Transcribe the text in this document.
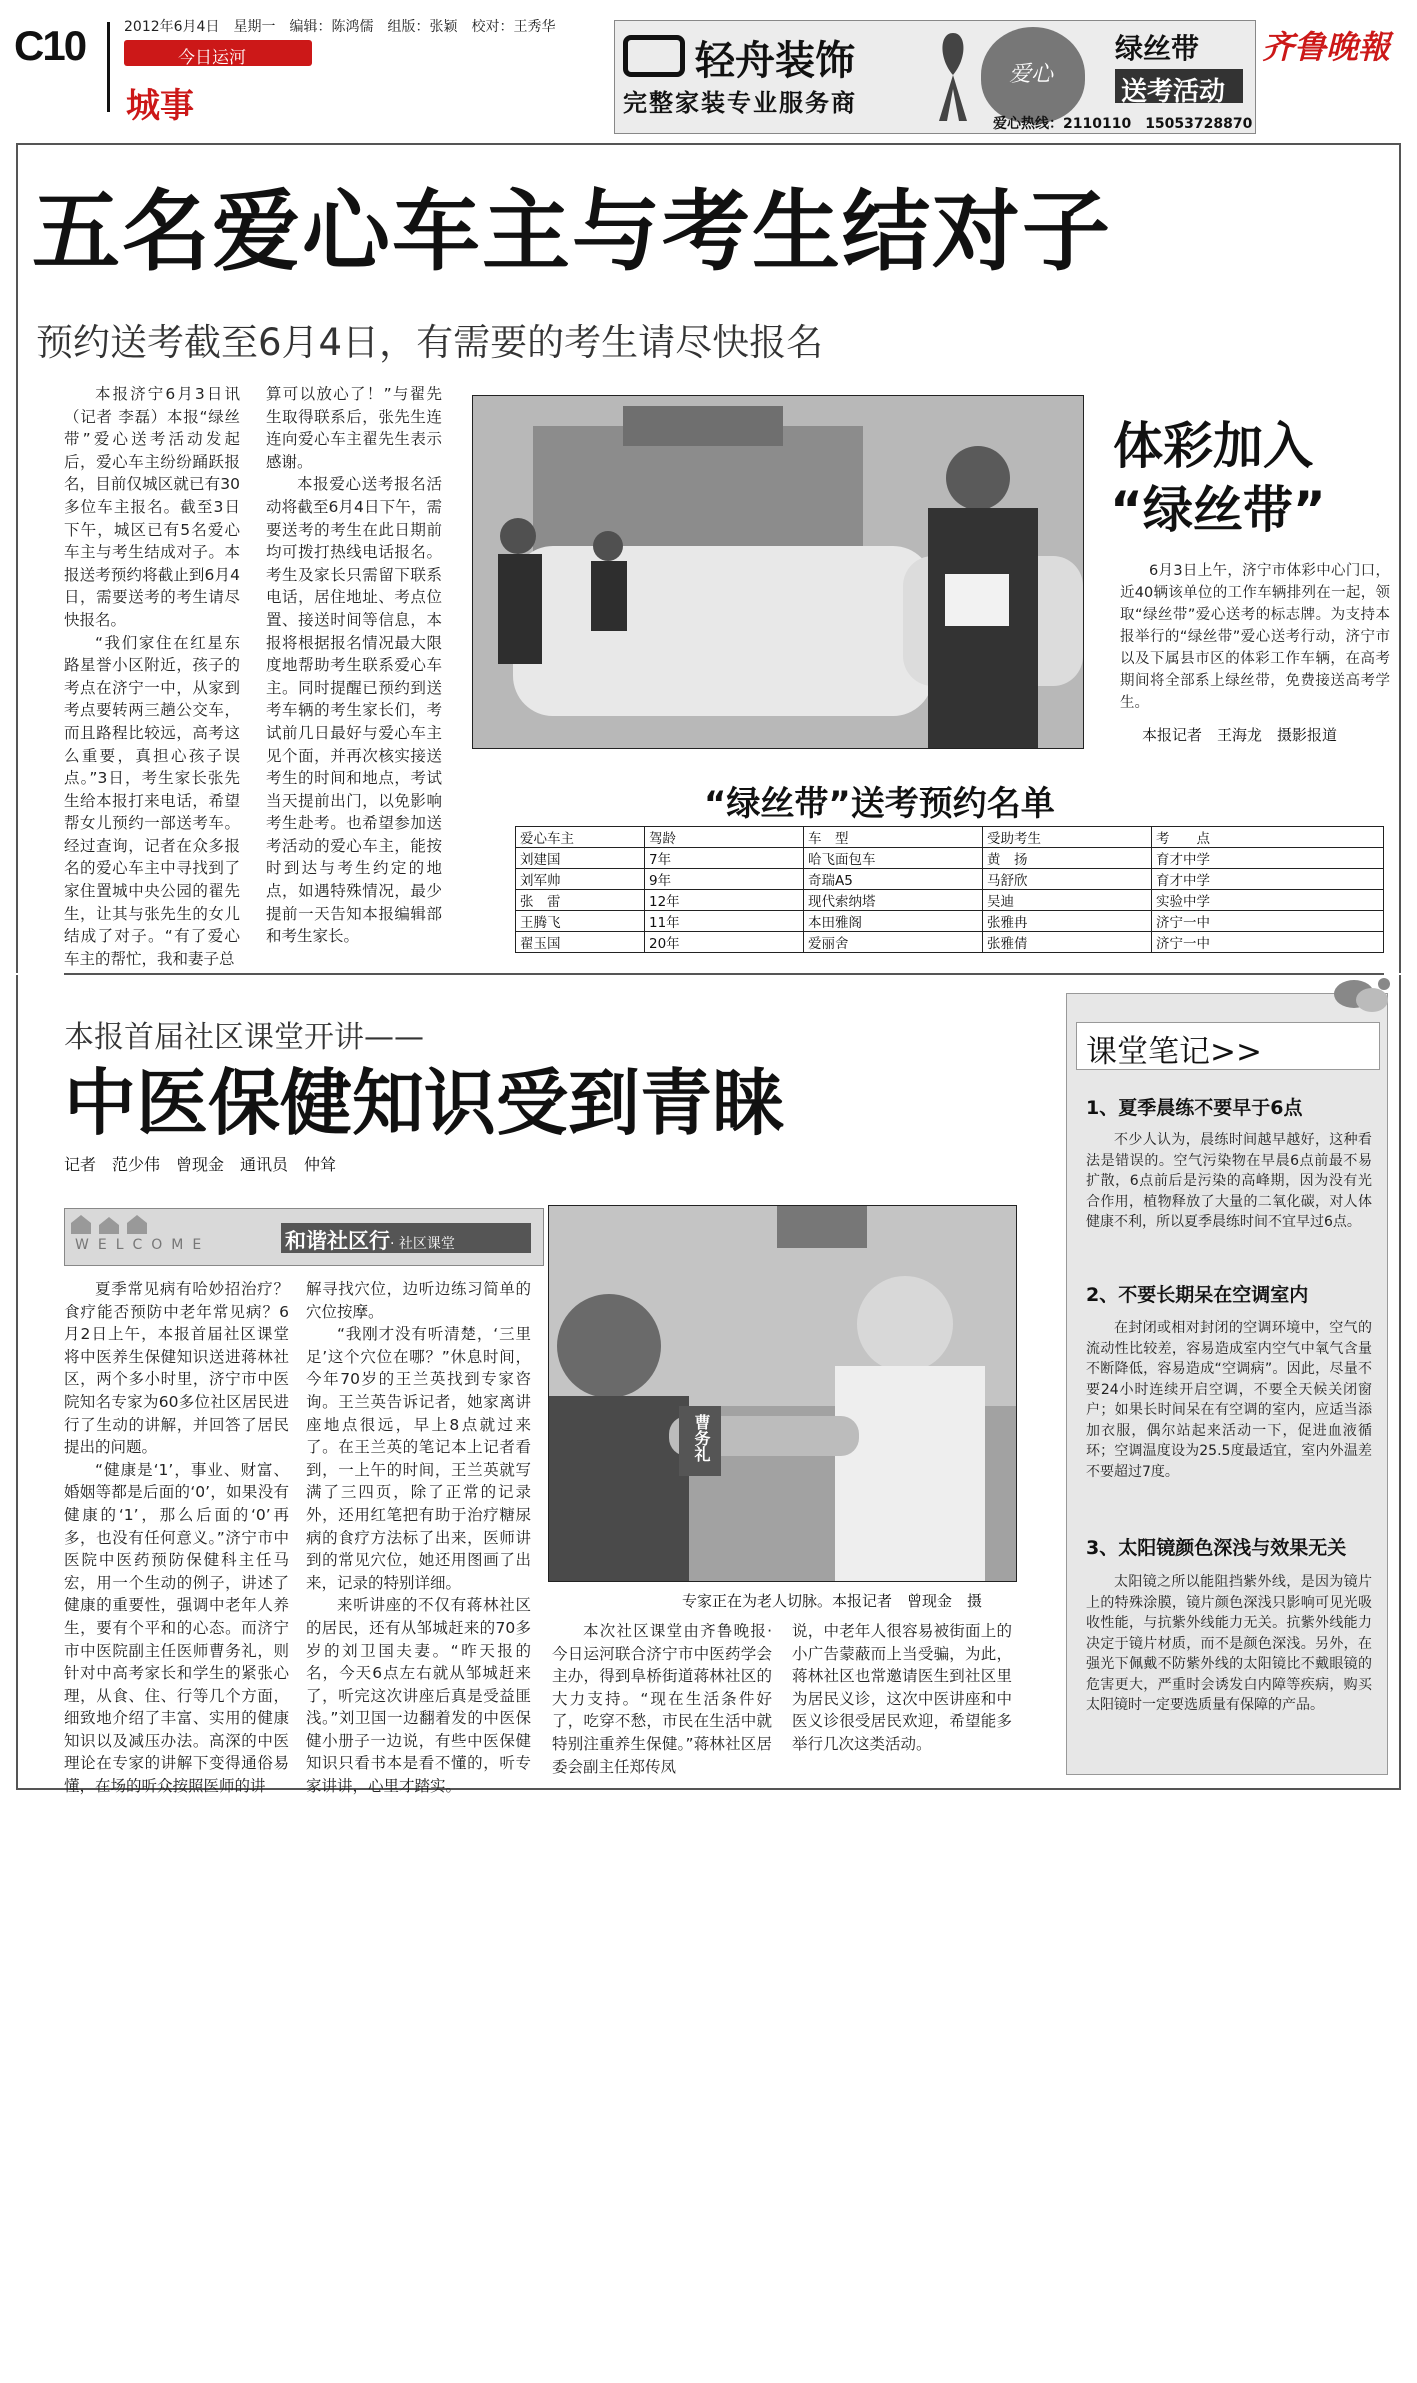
C10	2012年6月4日　星期一　编辑：陈鸿儒　组版：张颖　校对：王秀华
今日运河
城事
轻舟装饰
完整家装专业服务商
爱心
绿丝带
送考活动
爱心热线：2110110　15053728870
齐鲁晚報
五名爱心车主与考生结对子
预约送考截至6月4日，有需要的考生请尽快报名

本报济宁6月3日讯（记者 李磊）本报“绿丝带”爱心送考活动发起后，爱心车主纷纷踊跃报名，目前仅城区就已有30多位车主报名。截至3日下午，城区已有5名爱心车主与考生结成对子。本报送考预约将截止到6月4日，需要送考的考生请尽快报名。

“我们家住在红星东路星誉小区附近，孩子的考点在济宁一中，从家到考点要转两三趟公交车，而且路程比较远，高考这么重要，真担心孩子误点。”3日，考生家长张先生给本报打来电话，希望帮女儿预约一部送考车。经过查询，记者在众多报名的爱心车主中寻找到了家住置城中央公园的翟先生，让其与张先生的女儿结成了对子。“有了爱心车主的帮忙，我和妻子总

算可以放心了！”与翟先生取得联系后，张先生连连向爱心车主翟先生表示感谢。

本报爱心送考报名活动将截至6月4日下午，需要送考的考生在此日期前均可拨打热线电话报名。考生及家长只需留下联系电话，居住地址、考点位置、接送时间等信息，本报将根据报名情况最大限度地帮助考生联系爱心车主。同时提醒已预约到送考车辆的考生家长们，考试前几日最好与爱心车主见个面，并再次核实接送考生的时间和地点，考试当天提前出门，以免影响考生赴考。也希望参加送考活动的爱心车主，能按时到达与考生约定的地点，如遇特殊情况，最少提前一天告知本报编辑部和考生家长。

体彩加入
“绿丝带”
6月3日上午，济宁市体彩中心门口，近40辆该单位的工作车辆排列在一起，领取“绿丝带”爱心送考的标志牌。为支持本报举行的“绿丝带”爱心送考行动，济宁市以及下属县市区的体彩工作车辆，在高考期间将全部系上绿丝带，免费接送高考学生。
本报记者　王海龙　摄影报道
“绿丝带”送考预约名单
爱心车主	驾龄	车　型	受助考生	考　　点
刘建国	7年	哈飞面包车	黄　扬	育才中学
刘军帅	9年	奇瑞A5	马舒欣	育才中学
张　雷	12年	现代索纳塔	吴迪	实验中学
王腾飞	11年	本田雅阁	张雅冉	济宁一中
翟玉国	20年	爱丽舍	张雅倩	济宁一中
本报首届社区课堂开讲——
中医保健知识受到青睐
记者　范少伟　曾现金　通讯员　仲耸
WELCOME	和谐社区行· 社区课堂

夏季常见病有哈妙招治疗？食疗能否预防中老年常见病？6月2日上午，本报首届社区课堂将中医养生保健知识送进蒋林社区，两个多小时里，济宁市中医院知名专家为60多位社区居民进行了生动的讲解，并回答了居民提出的问题。

“健康是‘1’，事业、财富、婚姻等都是后面的‘0’，如果没有健康的‘1’，那么后面的‘0’再多，也没有任何意义。”济宁市中医院中医药预防保健科主任马宏，用一个生动的例子，讲述了健康的重要性，强调中老年人养生，要有个平和的心态。而济宁市中医院副主任医师曹务礼，则针对中高考家长和学生的紧张心理，从食、住、行等几个方面，细致地介绍了丰富、实用的健康知识以及减压办法。高深的中医理论在专家的讲解下变得通俗易懂，在场的听众按照医师的讲

解寻找穴位，边听边练习简单的穴位按摩。

“我刚才没有听清楚，‘三里足’这个穴位在哪？”休息时间，今年70岁的王兰英找到专家咨询。王兰英告诉记者，她家离讲座地点很远，早上8点就过来了。在王兰英的笔记本上记者看到，一上午的时间，王兰英就写满了三四页，除了正常的记录外，还用红笔把有助于治疗糖尿病的食疗方法标了出来，医师讲到的常见穴位，她还用图画了出来，记录的特别详细。

来听讲座的不仅有蒋林社区的居民，还有从邹城赶来的70多岁的刘卫国夫妻。“昨天报的名，今天6点左右就从邹城赶来了，听完这次讲座后真是受益匪浅。”刘卫国一边翻着发的中医保健小册子一边说，有些中医保健知识只看书本是看不懂的，听专家讲讲，心里才踏实。

曹务礼
专家正在为老人切脉。本报记者　曾现金　摄

本次社区课堂由齐鲁晚报·今日运河联合济宁市中医药学会主办，得到阜桥街道蒋林社区的大力支持。“现在生活条件好了，吃穿不愁，市民在生活中就特别注重养生保健。”蒋林社区居委会副主任郑传凤

说，中老年人很容易被街面上的小广告蒙蔽而上当受骗，为此，蒋林社区也常邀请医生到社区里为居民义诊，这次中医讲座和中医义诊很受居民欢迎，希望能多举行几次这类活动。

课堂笔记>>
1、夏季晨练不要早于6点

不少人认为，晨练时间越早越好，这种看法是错误的。空气污染物在早晨6点前最不易扩散，6点前后是污染的高峰期，因为没有光合作用，植物释放了大量的二氧化碳，对人体健康不利，所以夏季晨练时间不宜早过6点。

2、不要长期呆在空调室内

在封闭或相对封闭的空调环境中，空气的流动性比较差，容易造成室内空气中氧气含量不断降低，容易造成“空调病”。因此，尽量不要24小时连续开启空调，不要全天候关闭窗户；如果长时间呆在有空调的室内，应适当添加衣服，偶尔站起来活动一下，促进血液循环；空调温度设为25.5度最适宜，室内外温差不要超过7度。

3、太阳镜颜色深浅与效果无关

太阳镜之所以能阻挡紫外线，是因为镜片上的特殊涂膜，镜片颜色深浅只影响可见光吸收性能，与抗紫外线能力无关。抗紫外线能力决定于镜片材质，而不是颜色深浅。另外，在强光下佩戴不防紫外线的太阳镜比不戴眼镜的危害更大，严重时会诱发白内障等疾病，购买太阳镜时一定要选质量有保障的产品。
